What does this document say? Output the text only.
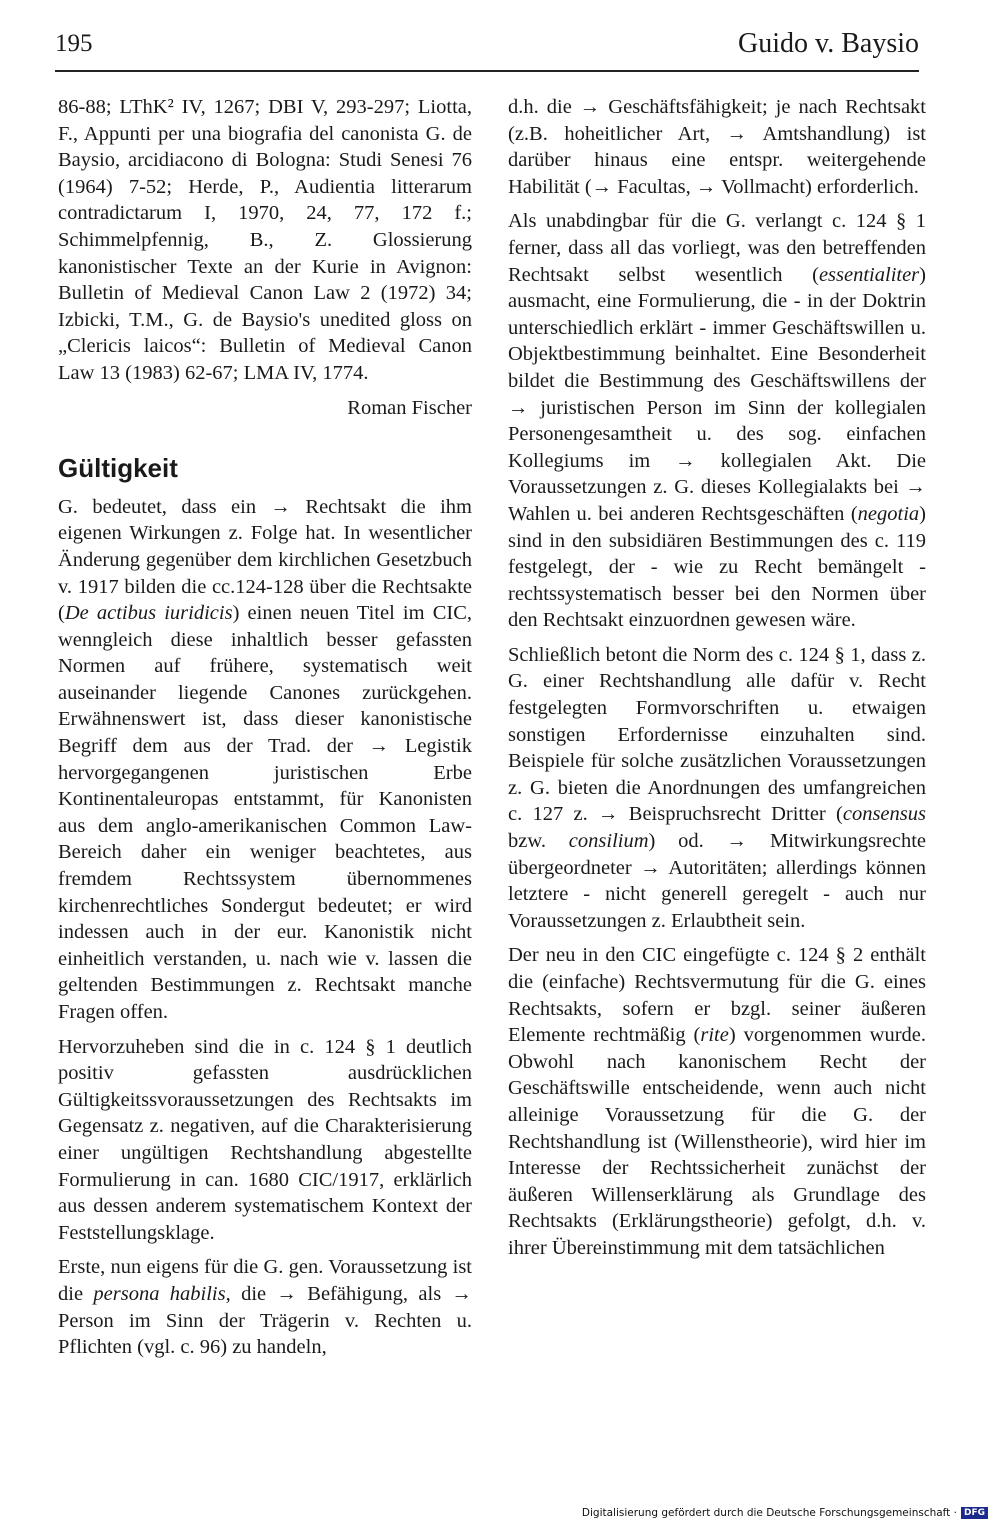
195	Guido v. Baysio

86-88; LThK² IV, 1267; DBI V, 293-297; Liotta, F., Appunti per una biografia del canonista G. de Baysio, arcidiacono di Bologna: Studi Senesi 76 (1964) 7-52; Herde, P., Audientia litterarum contradictarum I, 1970, 24, 77, 172 f.; Schimmelpfennig, B., Z. Glossierung kanonistischer Texte an der Kurie in Avignon: Bulletin of Medieval Canon Law 2 (1972) 34; Izbicki, T.M., G. de Baysio's unedited gloss on „Clericis laicos“: Bulletin of Medieval Canon Law 13 (1983) 62-67; LMA IV, 1774.

Roman Fischer

Gültigkeit

G. bedeutet, dass ein → Rechtsakt die ihm eigenen Wirkungen z. Folge hat. In wesentlicher Änderung gegenüber dem kirchlichen Gesetzbuch v. 1917 bilden die cc.124-128 über die Rechtsakte (De actibus iuridicis) einen neuen Titel im CIC, wenngleich diese inhaltlich besser gefassten Normen auf frühere, systematisch weit auseinander liegende Canones zurückgehen. Erwähnenswert ist, dass dieser kanonistische Begriff dem aus der Trad. der → Legistik hervorgegangenen juristischen Erbe Kontinentaleuropas entstammt, für Kanonisten aus dem anglo-amerikanischen Common Law-Bereich daher ein weniger beachtetes, aus fremdem Rechtssystem übernommenes kirchenrechtliches Sondergut bedeutet; er wird indessen auch in der eur. Kanonistik nicht einheitlich verstanden, u. nach wie v. lassen die geltenden Bestimmungen z. Rechtsakt manche Fragen offen.

Hervorzuheben sind die in c. 124 § 1 deutlich positiv gefassten ausdrücklichen Gültigkeitssvoraussetzungen des Rechtsakts im Gegensatz z. negativen, auf die Charakterisierung einer ungültigen Rechtshandlung abgestellte Formulierung in can. 1680 CIC/1917, erklärlich aus dessen anderem systematischem Kontext der Feststellungsklage.

Erste, nun eigens für die G. gen. Voraussetzung ist die persona habilis, die → Befähigung, als → Person im Sinn der Trägerin v. Rechten u. Pflichten (vgl. c. 96) zu handeln,

d.h. die → Geschäftsfähigkeit; je nach Rechtsakt (z.B. hoheitlicher Art, → Amtshandlung) ist darüber hinaus eine entspr. weitergehende Habilität (→ Facultas, → Vollmacht) erforderlich.

Als unabdingbar für die G. verlangt c. 124 § 1 ferner, dass all das vorliegt, was den betreffenden Rechtsakt selbst wesentlich (essentialiter) ausmacht, eine Formulierung, die - in der Doktrin unterschiedlich erklärt - immer Geschäftswillen u. Objektbestimmung beinhaltet. Eine Besonderheit bildet die Bestimmung des Geschäftswillens der → juristischen Person im Sinn der kollegialen Personengesamtheit u. des sog. einfachen Kollegiums im → kollegialen Akt. Die Voraussetzungen z. G. dieses Kollegialakts bei → Wahlen u. bei anderen Rechtsgeschäften (negotia) sind in den subsidiären Bestimmungen des c. 119 festgelegt, der - wie zu Recht bemängelt - rechtssystematisch besser bei den Normen über den Rechtsakt einzuordnen gewesen wäre.

Schließlich betont die Norm des c. 124 § 1, dass z. G. einer Rechtshandlung alle dafür v. Recht festgelegten Formvorschriften u. etwaigen sonstigen Erfordernisse einzuhalten sind. Beispiele für solche zusätzlichen Voraussetzungen z. G. bieten die Anordnungen des umfangreichen c. 127 z. → Beispruchsrecht Dritter (consensus bzw. consilium) od. → Mitwirkungsrechte übergeordneter → Autoritäten; allerdings können letztere - nicht generell geregelt - auch nur Voraussetzungen z. Erlaubtheit sein.

Der neu in den CIC eingefügte c. 124 § 2 enthält die (einfache) Rechtsvermutung für die G. eines Rechtsakts, sofern er bzgl. seiner äußeren Elemente rechtmäßig (rite) vorgenommen wurde. Obwohl nach kanonischem Recht der Geschäftswille entscheidende, wenn auch nicht alleinige Voraussetzung für die G. der Rechtshandlung ist (Willenstheorie), wird hier im Interesse der Rechtssicherheit zunächst der äußeren Willenserklärung als Grundlage des Rechtsakts (Erklärungstheorie) gefolgt, d.h. v. ihrer Übereinstimmung mit dem tatsächlichen

Digitalisierung gefördert durch die Deutsche Forschungsgemeinschaft · DFG
